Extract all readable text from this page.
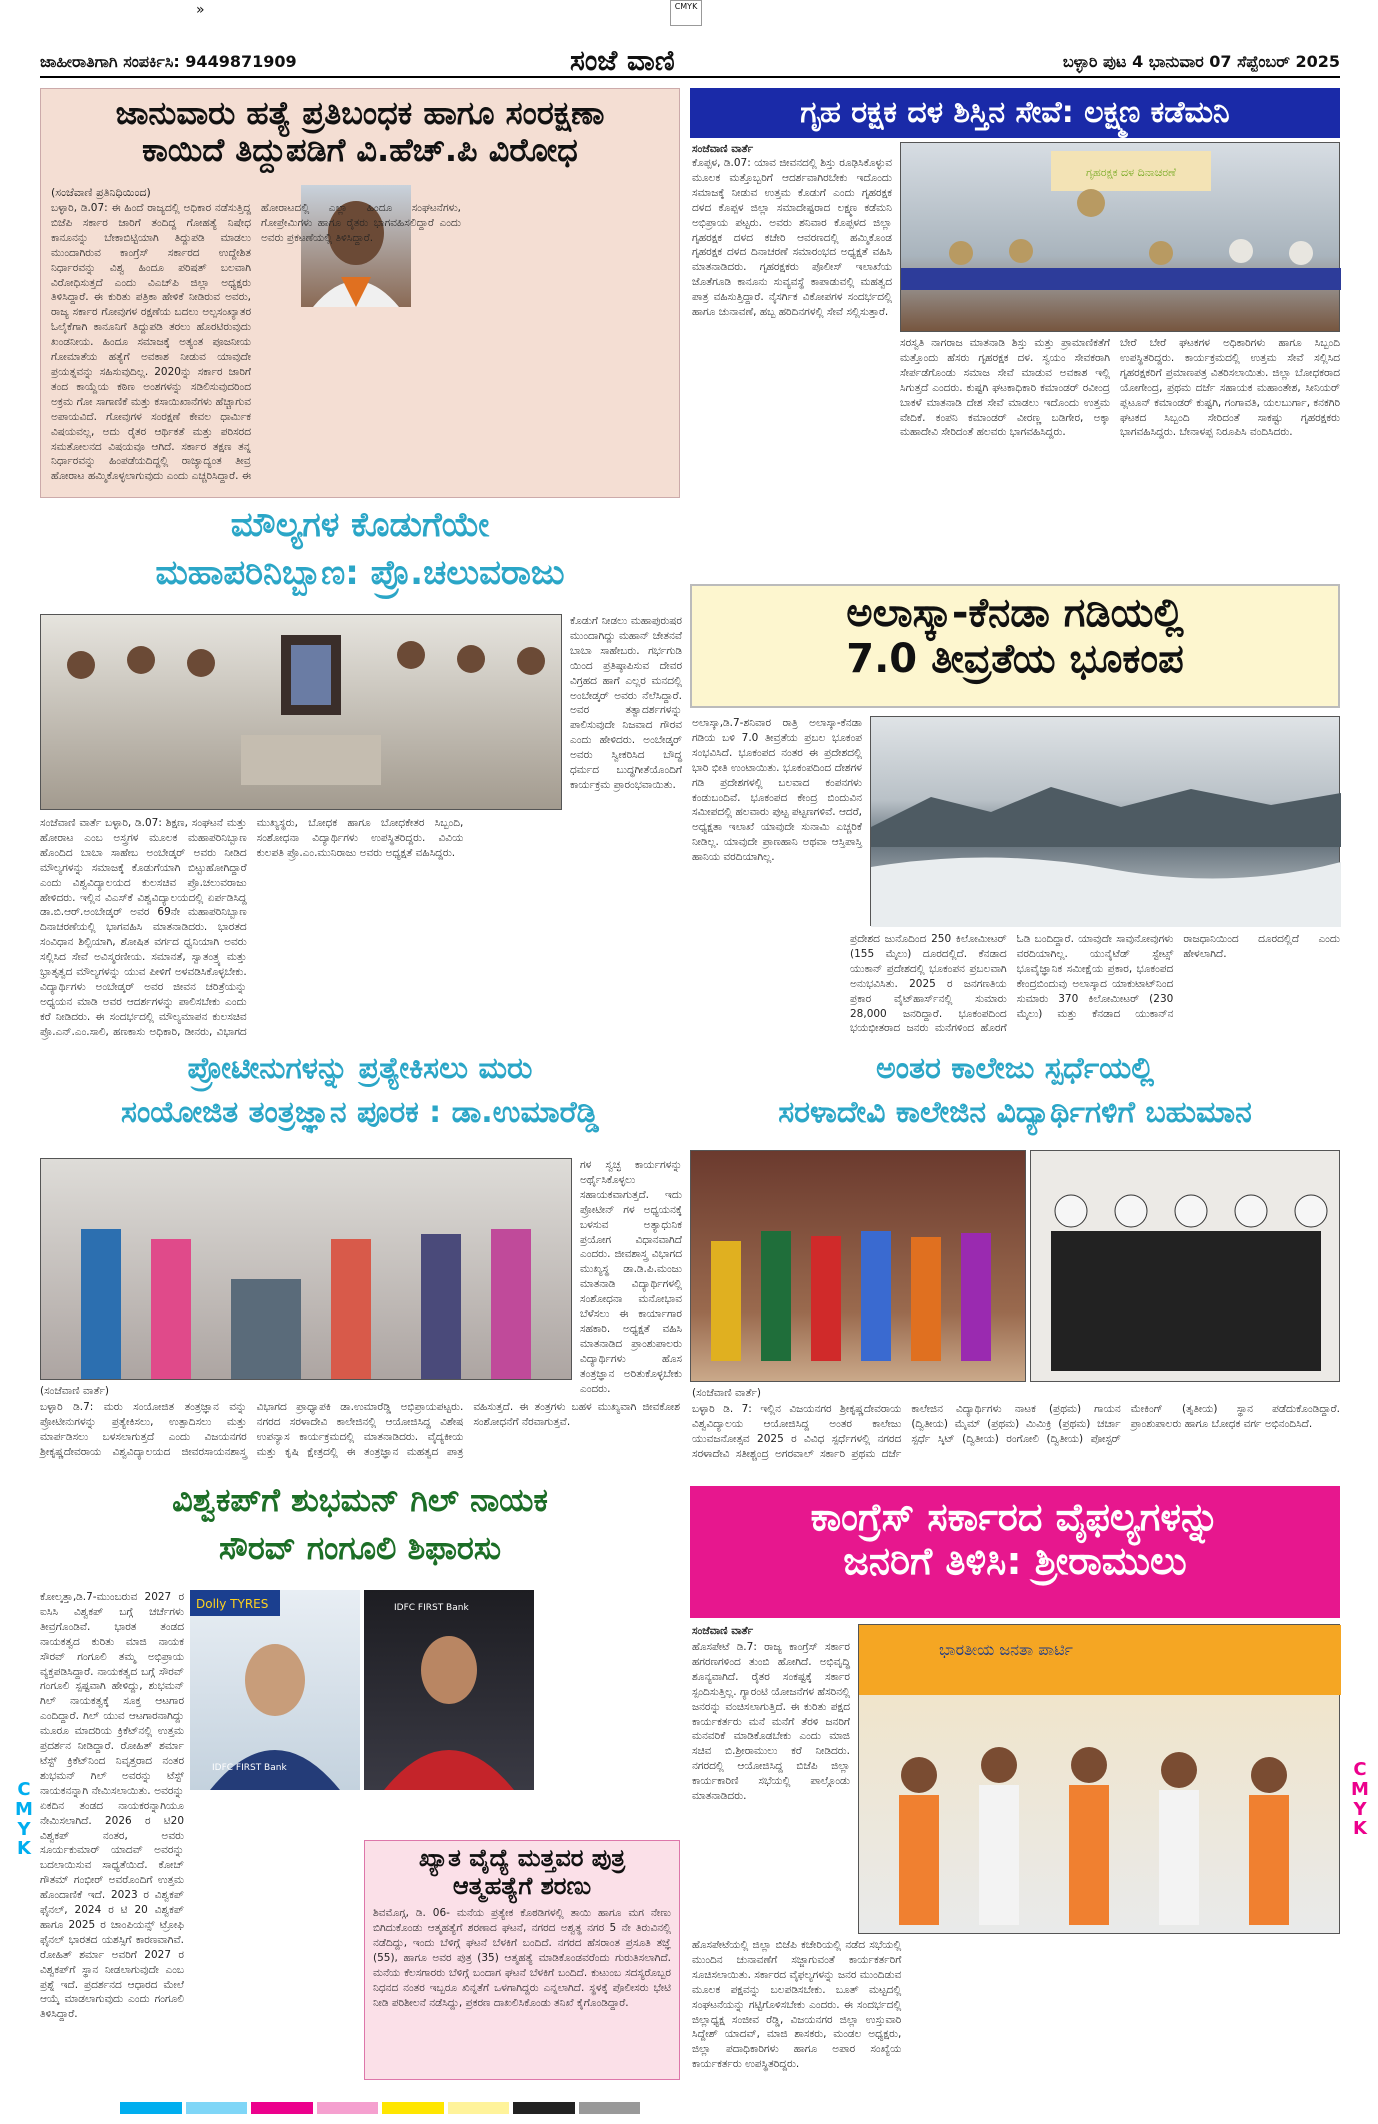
»	CMYK
ಜಾಹೀರಾತಿಗಾಗಿ ಸಂಪರ್ಕಿಸಿ: 9449871909	ಸಂಜೆ ವಾಣಿ	ಬಳ್ಳಾರಿ ಪುಟ 4 ಭಾನುವಾರ 07 ಸೆಪ್ಟೆಂಬರ್ 2025
ಜಾನುವಾರು ಹತ್ಯೆ ಪ್ರತಿಬಂಧಕ ಹಾಗೂ ಸಂರಕ್ಷಣಾ
ಕಾಯಿದೆ ತಿದ್ದುಪಡಿಗೆ ವಿ.ಹೆಚ್.ಪಿ ವಿರೋಧ
(ಸಂಜೆವಾಣಿ ಪ್ರತಿನಿಧಿಯಿಂದ)
ಬಳ್ಳಾರಿ, ಡಿ.07: ಈ ಹಿಂದೆ ರಾಜ್ಯದಲ್ಲಿ ಅಧಿಕಾರ ನಡೆಸುತ್ತಿದ್ದ ಬಿಜೆಪಿ ಸರ್ಕಾರ ಜಾರಿಗೆ ತಂದಿದ್ದ ಗೋಹತ್ಯೆ ನಿಷೇಧ ಕಾನೂನನ್ನು ಬೇಕಾಬಿಟ್ಟಿಯಾಗಿ ತಿದ್ದುಪಡಿ ಮಾಡಲು ಮುಂದಾಗಿರುವ ಕಾಂಗ್ರೆಸ್ ಸರ್ಕಾರದ ಉದ್ದೇಶಿತ ನಿರ್ಧಾರವನ್ನು ವಿಶ್ವ ಹಿಂದೂ ಪರಿಷತ್ ಬಲವಾಗಿ ವಿರೋಧಿಸುತ್ತದೆ ಎಂದು ವಿಎಚ್‌ಪಿ ಜಿಲ್ಲಾ ಅಧ್ಯಕ್ಷರು ತಿಳಿಸಿದ್ದಾರೆ. ಈ ಕುರಿತು ಪತ್ರಿಕಾ ಹೇಳಿಕೆ ನೀಡಿರುವ ಅವರು, ರಾಜ್ಯ ಸರ್ಕಾರ ಗೋವುಗಳ ರಕ್ಷಣೆಯ ಬದಲು ಅಲ್ಪಸಂಖ್ಯಾತರ ಓಲೈಕೆಗಾಗಿ ಕಾನೂನಿಗೆ ತಿದ್ದುಪಡಿ ತರಲು ಹೊರಟಿರುವುದು ಖಂಡನೀಯ. ಹಿಂದೂ ಸಮಾಜಕ್ಕೆ ಅತ್ಯಂತ ಪೂಜನೀಯ ಗೋಮಾತೆಯ ಹತ್ಯೆಗೆ ಅವಕಾಶ ನೀಡುವ ಯಾವುದೇ ಪ್ರಯತ್ನವನ್ನು ಸಹಿಸುವುದಿಲ್ಲ. 2020ನ್ನು ಸರ್ಕಾರ ಜಾರಿಗೆ ತಂದ ಕಾಯ್ದೆಯ ಕಠಿಣ ಅಂಶಗಳನ್ನು ಸಡಿಲಿಸುವುದರಿಂದ ಅಕ್ರಮ ಗೋ ಸಾಗಾಣಿಕೆ ಮತ್ತು ಕಸಾಯಿಖಾನೆಗಳು ಹೆಚ್ಚಾಗುವ ಅಪಾಯವಿದೆ. ಗೋವುಗಳ ಸಂರಕ್ಷಣೆ ಕೇವಲ ಧಾರ್ಮಿಕ ವಿಷಯವಲ್ಲ, ಅದು ರೈತರ ಆರ್ಥಿಕತೆ ಮತ್ತು ಪರಿಸರದ ಸಮತೋಲನದ ವಿಷಯವೂ ಆಗಿದೆ. ಸರ್ಕಾರ ತಕ್ಷಣ ತನ್ನ ನಿರ್ಧಾರವನ್ನು ಹಿಂಪಡೆಯದಿದ್ದಲ್ಲಿ ರಾಜ್ಯಾದ್ಯಂತ ತೀವ್ರ ಹೋರಾಟ ಹಮ್ಮಿಕೊಳ್ಳಲಾಗುವುದು ಎಂದು ಎಚ್ಚರಿಸಿದ್ದಾರೆ. ಈ ಹೋರಾಟದಲ್ಲಿ ಎಲ್ಲಾ ಹಿಂದೂ ಸಂಘಟನೆಗಳು, ಗೋಪ್ರೇಮಿಗಳು ಹಾಗೂ ರೈತರು ಭಾಗವಹಿಸಲಿದ್ದಾರೆ ಎಂದು ಅವರು ಪ್ರಕಟಣೆಯಲ್ಲಿ ತಿಳಿಸಿದ್ದಾರೆ.
ಗೃಹ ರಕ್ಷಕ ದಳ ಶಿಸ್ತಿನ ಸೇವೆ: ಲಕ್ಷ್ಮಣ ಕಡೆಮನಿ
ಸಂಜೆವಾಣಿ ವಾರ್ತೆ
ಕೊಪ್ಪಳ, ಡಿ.07: ಯಾವ ಜೀವನದಲ್ಲಿ ಶಿಸ್ತು ರೂಢಿಸಿಕೊಳ್ಳುವ ಮೂಲಕ ಮತ್ತೊಬ್ಬರಿಗೆ ಆದರ್ಶವಾಗಿರಬೇಕು ಇದೊಂದು ಸಮಾಜಕ್ಕೆ ನೀಡುವ ಉತ್ತಮ ಕೊಡುಗೆ ಎಂದು ಗೃಹರಕ್ಷಕ ದಳದ ಕೊಪ್ಪಳ ಜಿಲ್ಲಾ ಸಮಾದೇಷ್ಟರಾದ ಲಕ್ಷ್ಮಣ ಕಡೆಮನಿ ಅಭಿಪ್ರಾಯ ಪಟ್ಟರು. ಅವರು ಶನಿವಾರ ಕೊಪ್ಪಳದ ಜಿಲ್ಲಾ ಗೃಹರಕ್ಷಕ ದಳದ ಕಚೇರಿ ಆವರಣದಲ್ಲಿ ಹಮ್ಮಿಕೊಂಡ ಗೃಹರಕ್ಷಕ ದಳದ ದಿನಾಚರಣೆ ಸಮಾರಂಭದ ಅಧ್ಯಕ್ಷತೆ ವಹಿಸಿ ಮಾತನಾಡಿದರು. ಗೃಹರಕ್ಷಕರು ಪೊಲೀಸ್ ಇಲಾಖೆಯ ಜೊತೆಗೂಡಿ ಕಾನೂನು ಸುವ್ಯವಸ್ಥೆ ಕಾಪಾಡುವಲ್ಲಿ ಮಹತ್ವದ ಪಾತ್ರ ವಹಿಸುತ್ತಿದ್ದಾರೆ. ನೈಸರ್ಗಿಕ ವಿಕೋಪಗಳ ಸಂದರ್ಭದಲ್ಲಿ ಹಾಗೂ ಚುನಾವಣೆ, ಹಬ್ಬ ಹರಿದಿನಗಳಲ್ಲಿ ಸೇವೆ ಸಲ್ಲಿಸುತ್ತಾರೆ.
ಗೃಹರಕ್ಷಕ ದಳ ದಿನಾಚರಣೆ
ಸರಸ್ವತಿ ನಾಗರಾಜ ಮಾತನಾಡಿ ಶಿಸ್ತು ಮತ್ತು ಪ್ರಾಮಾಣಿಕತೆಗೆ ಮತ್ತೊಂದು ಹೆಸರು ಗೃಹರಕ್ಷಕ ದಳ. ಸ್ವಯಂ ಸೇವಕರಾಗಿ ಸೇರ್ಪಡೆಗೊಂಡು ಸಮಾಜ ಸೇವೆ ಮಾಡುವ ಅವಕಾಶ ಇಲ್ಲಿ ಸಿಗುತ್ತದೆ ಎಂದರು. ಕುಷ್ಟಗಿ ಘಟಕಾಧಿಕಾರಿ ಕಮಾಂಡರ್ ರವೀಂದ್ರ ಬಾಕಳೆ ಮಾತನಾಡಿ ದೇಶ ಸೇವೆ ಮಾಡಲು ಇದೊಂದು ಉತ್ತಮ ವೇದಿಕೆ. ಕಂಪನಿ ಕಮಾಂಡರ್ ವೀರಣ್ಣ ಬಡಿಗೇರ, ಅಕ್ಕಾ ಮಹಾದೇವಿ ಸೇರಿದಂತೆ ಹಲವರು ಭಾಗವಹಿಸಿದ್ದರು.
ಬೇರೆ ಬೇರೆ ಘಟಕಗಳ ಅಧಿಕಾರಿಗಳು ಹಾಗೂ ಸಿಬ್ಬಂದಿ ಉಪಸ್ಥಿತರಿದ್ದರು. ಕಾರ್ಯಕ್ರಮದಲ್ಲಿ ಉತ್ತಮ ಸೇವೆ ಸಲ್ಲಿಸಿದ ಗೃಹರಕ್ಷಕರಿಗೆ ಪ್ರಮಾಣಪತ್ರ ವಿತರಿಸಲಾಯಿತು. ಜಿಲ್ಲಾ ಬೋಧಕರಾದ ಯೋಗೇಂದ್ರ, ಪ್ರಥಮ ದರ್ಜೆ ಸಹಾಯಕ ಮಹಾಂತೇಶ, ಸೀನಿಯರ್ ಪ್ಲಟೂನ್ ಕಮಾಂಡರ್ ಕುಷ್ಟಗಿ, ಗಂಗಾವತಿ, ಯಲಬುರ್ಗಾ, ಕನಕಗಿರಿ ಘಟಕದ ಸಿಬ್ಬಂದಿ ಸೇರಿದಂತೆ ಸಾಕಷ್ಟು ಗೃಹರಕ್ಷಕರು ಭಾಗವಹಿಸಿದ್ದರು. ಬೇನಾಳಪ್ಪ ನಿರೂಪಿಸಿ ವಂದಿಸಿದರು.
ಮೌಲ್ಯಗಳ ಕೊಡುಗೆಯೇ
ಮಹಾಪರಿನಿಬ್ಬಾಣ: ಪ್ರೊ.ಚಲುವರಾಜು
ಕೊಡುಗೆ ನೀಡಲು ಮಹಾಪುರುಷರ ಮುಂದಾಗಿದ್ದು ಮಹಾನ್ ಚೇತನವೆ ಬಾಬಾ ಸಾಹೇಬರು. ಗರ್ಭಗುಡಿ ಯಿಂದ ಪ್ರತಿಷ್ಠಾಪಿಸುವ ದೇವರ ವಿಗ್ರಹದ ಹಾಗೆ ಎಲ್ಲರ ಮನದಲ್ಲಿ ಅಂಬೇಡ್ಕರ್ ಅವರು ನೆಲೆಸಿದ್ದಾರೆ. ಅವರ ತತ್ವಾದರ್ಶಗಳನ್ನು ಪಾಲಿಸುವುದೇ ನಿಜವಾದ ಗೌರವ ಎಂದು ಹೇಳಿದರು. ಅಂಬೇಡ್ಕರ್ ಅವರು ಸ್ವೀಕರಿಸಿದ ಬೌದ್ಧ ಧರ್ಮದ ಬುದ್ಧಗೀತೆಯೊಂದಿಗೆ ಕಾರ್ಯಕ್ರಮ ಪ್ರಾರಂಭವಾಯಿತು.
ಸಂಜೆವಾಣಿ ವಾರ್ತೆ ಬಳ್ಳಾರಿ, ಡಿ.07: ಶಿಕ್ಷಣ, ಸಂಘಟನೆ ಮತ್ತು ಹೋರಾಟ ಎಂಬ ಅಸ್ತ್ರಗಳ ಮೂಲಕ ಮಹಾಪರಿನಿಬ್ಬಾಣ ಹೊಂದಿದ ಬಾಬಾ ಸಾಹೇಬ ಅಂಬೇಡ್ಕರ್ ಅವರು ನೀಡಿದ ಮೌಲ್ಯಗಳನ್ನು ಸಮಾಜಕ್ಕೆ ಕೊಡುಗೆಯಾಗಿ ಬಿಟ್ಟುಹೋಗಿದ್ದಾರೆ ಎಂದು ವಿಶ್ವವಿದ್ಯಾಲಯದ ಕುಲಸಚಿವ ಪ್ರೊ.ಚಲುವರಾಜು ಹೇಳಿದರು. ಇಲ್ಲಿನ ವಿಎಸ್‌ಕೆ ವಿಶ್ವವಿದ್ಯಾಲಯದಲ್ಲಿ ಏರ್ಪಡಿಸಿದ್ದ ಡಾ.ಬಿ.ಆರ್.ಅಂಬೇಡ್ಕರ್ ಅವರ 69ನೇ ಮಹಾಪರಿನಿಬ್ಬಾಣ ದಿನಾಚರಣೆಯಲ್ಲಿ ಭಾಗವಹಿಸಿ ಮಾತನಾಡಿದರು. ಭಾರತದ ಸಂವಿಧಾನ ಶಿಲ್ಪಿಯಾಗಿ, ಶೋಷಿತ ವರ್ಗದ ಧ್ವನಿಯಾಗಿ ಅವರು ಸಲ್ಲಿಸಿದ ಸೇವೆ ಅವಿಸ್ಮರಣೀಯ. ಸಮಾನತೆ, ಸ್ವಾತಂತ್ರ್ಯ ಮತ್ತು ಭ್ರಾತೃತ್ವದ ಮೌಲ್ಯಗಳನ್ನು ಯುವ ಪೀಳಿಗೆ ಅಳವಡಿಸಿಕೊಳ್ಳಬೇಕು. ವಿದ್ಯಾರ್ಥಿಗಳು ಅಂಬೇಡ್ಕರ್ ಅವರ ಜೀವನ ಚರಿತ್ರೆಯನ್ನು ಅಧ್ಯಯನ ಮಾಡಿ ಅವರ ಆದರ್ಶಗಳನ್ನು ಪಾಲಿಸಬೇಕು ಎಂದು ಕರೆ ನೀಡಿದರು. ಈ ಸಂದರ್ಭದಲ್ಲಿ ಮೌಲ್ಯಮಾಪನ ಕುಲಸಚಿವ ಪ್ರೊ.ಎನ್.ಎಂ.ಸಾಲಿ, ಹಣಕಾಸು ಅಧಿಕಾರಿ, ಡೀನರು, ವಿಭಾಗದ ಮುಖ್ಯಸ್ಥರು, ಬೋಧಕ ಹಾಗೂ ಬೋಧಕೇತರ ಸಿಬ್ಬಂದಿ, ಸಂಶೋಧನಾ ವಿದ್ಯಾರ್ಥಿಗಳು ಉಪಸ್ಥಿತರಿದ್ದರು. ವಿವಿಯ ಕುಲಪತಿ ಪ್ರೊ.ಎಂ.ಮುನಿರಾಜು ಅವರು ಅಧ್ಯಕ್ಷತೆ ವಹಿಸಿದ್ದರು.
ಅಲಾಸ್ಕಾ-ಕೆನಡಾ ಗಡಿಯಲ್ಲಿ
7.0 ತೀವ್ರತೆಯ ಭೂಕಂಪ
ಅಲಾಸ್ಕಾ,ಡಿ.7-ಶನಿವಾರ ರಾತ್ರಿ ಅಲಾಸ್ಕಾ-ಕೆನಡಾ ಗಡಿಯ ಬಳಿ 7.0 ತೀವ್ರತೆಯ ಪ್ರಬಲ ಭೂಕಂಪ ಸಂಭವಿಸಿದೆ. ಭೂಕಂಪದ ನಂತರ ಈ ಪ್ರದೇಶದಲ್ಲಿ ಭಾರಿ ಭೀತಿ ಉಂಟಾಯಿತು. ಭೂಕಂಪದಿಂದ ದೇಶಗಳ ಗಡಿ ಪ್ರದೇಶಗಳಲ್ಲಿ ಬಲವಾದ ಕಂಪನಗಳು ಕಂಡುಬಂದಿವೆ. ಭೂಕಂಪದ ಕೇಂದ್ರ ಬಿಂದುವಿನ ಸಮೀಪದಲ್ಲಿ ಹಲವಾರು ಪುಟ್ಟ ಪಟ್ಟಣಗಳಿವೆ. ಆದರೆ, ಅಧ್ಯಕ್ಷತಾ ಇಲಾಖೆ ಯಾವುದೇ ಸುನಾಮಿ ಎಚ್ಚರಿಕೆ ನೀಡಿಲ್ಲ. ಯಾವುದೇ ಪ್ರಾಣಹಾನಿ ಅಥವಾ ಆಸ್ತಿಪಾಸ್ತಿ ಹಾನಿಯ ವರದಿಯಾಗಿಲ್ಲ.
ಪ್ರದೇಶದ ಜುನೊದಿಂದ 250 ಕಿಲೋಮೀಟರ್ (155 ಮೈಲು) ದೂರದಲ್ಲಿದೆ. ಕೆನಡಾದ ಯುಕಾನ್ ಪ್ರದೇಶದಲ್ಲಿ ಭೂಕಂಪನ ಪ್ರಬಲವಾಗಿ ಅನುಭವಿಸಿತು. 2025 ರ ಜನಗಣತಿಯ ಪ್ರಕಾರ ವೈಟ್‌ಹಾರ್ಸ್‌ನಲ್ಲಿ ಸುಮಾರು 28,000 ಜನರಿದ್ದಾರೆ. ಭೂಕಂಪದಿಂದ ಭಯಭೀತರಾದ ಜನರು ಮನೆಗಳಿಂದ ಹೊರಗೆ ಓಡಿ ಬಂದಿದ್ದಾರೆ. ಯಾವುದೇ ಸಾವುನೋವುಗಳು ವರದಿಯಾಗಿಲ್ಲ. ಯುನೈಟೆಡ್ ಸ್ಟೇಟ್ಸ್ ಭೂವೈಜ್ಞಾನಿಕ ಸಮೀಕ್ಷೆಯ ಪ್ರಕಾರ, ಭೂಕಂಪದ ಕೇಂದ್ರಬಿಂದುವು ಅಲಾಸ್ಕಾದ ಯಾಕುಟಾಟ್‌ನಿಂದ ಸುಮಾರು 370 ಕಿಲೋಮೀಟರ್ (230 ಮೈಲು) ಮತ್ತು ಕೆನಡಾದ ಯುಕಾನ್‌ನ ರಾಜಧಾನಿಯಿಂದ ದೂರದಲ್ಲಿದೆ ಎಂದು ಹೇಳಲಾಗಿದೆ.
ಪ್ರೋಟೀನುಗಳನ್ನು ಪ್ರತ್ಯೇಕಿಸಲು ಮರು
ಸಂಯೋಜಿತ ತಂತ್ರಜ್ಞಾನ ಪೂರಕ : ಡಾ.ಉಮಾರೆಡ್ಡಿ
ಗಳ ಸ್ವಚ್ಛ ಕಾರ್ಯಗಳನ್ನು ಅರ್ಥೈಸಿಕೊಳ್ಳಲು ಸಹಾಯಕವಾಗುತ್ತದೆ. ಇದು ಪ್ರೋಟೀನ್ ಗಳ ಅಧ್ಯಯನಕ್ಕೆ ಬಳಸುವ ಅತ್ಯಾಧುನಿಕ ಪ್ರಯೋಗ ವಿಧಾನವಾಗಿದೆ ಎಂದರು. ಜೀವಶಾಸ್ತ್ರ ವಿಭಾಗದ ಮುಖ್ಯಸ್ಥ ಡಾ.ಡಿ.ಪಿ.ಮಂಜು ಮಾತನಾಡಿ ವಿದ್ಯಾರ್ಥಿಗಳಲ್ಲಿ ಸಂಶೋಧನಾ ಮನೋಭಾವ ಬೆಳೆಸಲು ಈ ಕಾರ್ಯಾಗಾರ ಸಹಕಾರಿ. ಅಧ್ಯಕ್ಷತೆ ವಹಿಸಿ ಮಾತನಾಡಿದ ಪ್ರಾಂಶುಪಾಲರು ವಿದ್ಯಾರ್ಥಿಗಳು ಹೊಸ ತಂತ್ರಜ್ಞಾನ ಅರಿತುಕೊಳ್ಳಬೇಕು ಎಂದರು.
(ಸಂಜೆವಾಣಿ ವಾರ್ತೆ)
ಬಳ್ಳಾರಿ ಡಿ.7: ಮರು ಸಂಯೋಜಿತ ತಂತ್ರಜ್ಞಾನ ವನ್ನು ಪ್ರೋಟೀನುಗಳನ್ನು ಪ್ರತ್ಯೇಕಿಸಲು, ಉತ್ಪಾದಿಸಲು ಮತ್ತು ಮಾರ್ಪಡಿಸಲು ಬಳಸಲಾಗುತ್ತದೆ ಎಂದು ವಿಜಯನಗರ ಶ್ರೀಕೃಷ್ಣದೇವರಾಯ ವಿಶ್ವವಿದ್ಯಾಲಯದ ಜೀವರಸಾಯನಶಾಸ್ತ್ರ ವಿಭಾಗದ ಪ್ರಾಧ್ಯಾಪಕಿ ಡಾ.ಉಮಾರೆಡ್ಡಿ ಅಭಿಪ್ರಾಯಪಟ್ಟರು. ನಗರದ ಸರಳಾದೇವಿ ಕಾಲೇಜಿನಲ್ಲಿ ಆಯೋಜಿಸಿದ್ದ ವಿಶೇಷ ಉಪನ್ಯಾಸ ಕಾರ್ಯಕ್ರಮದಲ್ಲಿ ಮಾತನಾಡಿದರು. ವೈದ್ಯಕೀಯ ಮತ್ತು ಕೃಷಿ ಕ್ಷೇತ್ರದಲ್ಲಿ ಈ ತಂತ್ರಜ್ಞಾನ ಮಹತ್ವದ ಪಾತ್ರ ವಹಿಸುತ್ತದೆ. ಈ ತಂತ್ರಗಳು ಬಹಳ ಮುಖ್ಯವಾಗಿ ಜೀವಕೋಶ ಸಂಶೋಧನೆಗೆ ನೆರವಾಗುತ್ತವೆ.
ಅಂತರ ಕಾಲೇಜು ಸ್ಪರ್ಧೆಯಲ್ಲಿ
ಸರಳಾದೇವಿ ಕಾಲೇಜಿನ ವಿದ್ಯಾರ್ಥಿಗಳಿಗೆ ಬಹುಮಾನ
(ಸಂಜೆವಾಣಿ ವಾರ್ತೆ)
ಬಳ್ಳಾರಿ ಡಿ. 7: ಇಲ್ಲಿನ ವಿಜಯನಗರ ಶ್ರೀಕೃಷ್ಣದೇವರಾಯ ವಿಶ್ವವಿದ್ಯಾಲಯ ಆಯೋಜಿಸಿದ್ದ ಅಂತರ ಕಾಲೇಜು ಯುವಜನೋತ್ಸವ 2025 ರ ವಿವಿಧ ಸ್ಪರ್ಧೆಗಳಲ್ಲಿ ನಗರದ ಸರಳಾದೇವಿ ಸತೀಶ್ಚಂದ್ರ ಅಗರವಾಲ್ ಸರ್ಕಾರಿ ಪ್ರಥಮ ದರ್ಜೆ ಕಾಲೇಜಿನ ವಿದ್ಯಾರ್ಥಿಗಳು ನಾಟಕ (ಪ್ರಥಮ) ಗಾಯನ (ದ್ವಿತೀಯ) ಮೈಮ್ (ಪ್ರಥಮ) ಮಿಮಿಕ್ರಿ (ಪ್ರಥಮ) ಚರ್ಚಾ ಸ್ಪರ್ಧೆ ಸ್ಕಿಟ್ (ದ್ವಿತೀಯ) ರಂಗೋಲಿ (ದ್ವಿತೀಯ) ಪೋಸ್ಟರ್ ಮೇಕಿಂಗ್ (ತೃತೀಯ) ಸ್ಥಾನ ಪಡೆದುಕೊಂಡಿದ್ದಾರೆ. ಪ್ರಾಂಶುಪಾಲರು ಹಾಗೂ ಬೋಧಕ ವರ್ಗ ಅಭಿನಂದಿಸಿದೆ.
ವಿಶ್ವಕಪ್‌ಗೆ ಶುಭಮನ್ ಗಿಲ್ ನಾಯಕ
ಸೌರವ್ ಗಂಗೂಲಿ ಶಿಫಾರಸು
Dolly TYRES
IDFC FIRST Bank
IDFC FIRST Bank
ಕೋಲ್ಕತ್ತಾ,ಡಿ.7-ಮುಂಬರುವ 2027 ರ ಐಸಿಸಿ ವಿಶ್ವಕಪ್ ಬಗ್ಗೆ ಚರ್ಚೆಗಳು ತೀವ್ರಗೊಂಡಿವೆ. ಭಾರತ ತಂಡದ ನಾಯಕತ್ವದ ಕುರಿತು ಮಾಜಿ ನಾಯಕ ಸೌರವ್ ಗಂಗೂಲಿ ತಮ್ಮ ಅಭಿಪ್ರಾಯ ವ್ಯಕ್ತಪಡಿಸಿದ್ದಾರೆ. ನಾಯಕತ್ವದ ಬಗ್ಗೆ ಸೌರವ್ ಗಂಗೂಲಿ ಸ್ಪಷ್ಟವಾಗಿ ಹೇಳಿದ್ದು, ಶುಭಮನ್ ಗಿಲ್ ನಾಯಕತ್ವಕ್ಕೆ ಸೂಕ್ತ ಆಟಗಾರ ಎಂದಿದ್ದಾರೆ. ಗಿಲ್ ಯುವ ಆಟಗಾರನಾಗಿದ್ದು ಮೂರೂ ಮಾದರಿಯ ಕ್ರಿಕೆಟ್‌ನಲ್ಲಿ ಉತ್ತಮ ಪ್ರದರ್ಶನ ನೀಡಿದ್ದಾರೆ. ರೋಹಿತ್ ಶರ್ಮಾ ಟೆಸ್ಟ್ ಕ್ರಿಕೆಟ್‌ನಿಂದ ನಿವೃತ್ತರಾದ ನಂತರ ಶುಭಮನ್ ಗಿಲ್ ಅವರನ್ನು ಟೆಸ್ಟ್ ನಾಯಕನನ್ನಾಗಿ ನೇಮಿಸಲಾಯಿತು. ಅವರನ್ನು ಏಕದಿನ ತಂಡದ ನಾಯಕರನ್ನಾಗಿಯೂ ನೇಮಿಸಲಾಗಿದೆ. 2026 ರ ಟಿ20 ವಿಶ್ವಕಪ್ ನಂತರ, ಅವರು ಸೂರ್ಯಕುಮಾರ್ ಯಾದವ್ ಅವರನ್ನು ಬದಲಾಯಿಸುವ ಸಾಧ್ಯತೆಯಿದೆ. ಕೋಚ್ ಗೌತಮ್ ಗಂಭೀರ್ ಅವರೊಂದಿಗೆ ಉತ್ತಮ ಹೊಂದಾಣಿಕೆ ಇದೆ. 2023 ರ ವಿಶ್ವಕಪ್ ಫೈನಲ್, 2024 ರ ಟಿ 20 ವಿಶ್ವಕಪ್ ಹಾಗೂ 2025 ರ ಚಾಂಪಿಯನ್ಸ್ ಟ್ರೋಫಿ ಫೈನಲ್ ಭಾರತದ ಯಶಸ್ಸಿಗೆ ಕಾರಣವಾಗಿವೆ. ರೋಹಿತ್ ಶರ್ಮಾ ಅವರಿಗೆ 2027 ರ ವಿಶ್ವಕಪ್‌ಗೆ ಸ್ಥಾನ ನೀಡಲಾಗುವುದೇ ಎಂಬ ಪ್ರಶ್ನೆ ಇದೆ. ಪ್ರದರ್ಶನದ ಆಧಾರದ ಮೇಲೆ ಆಯ್ಕೆ ಮಾಡಲಾಗುವುದು ಎಂದು ಗಂಗೂಲಿ ತಿಳಿಸಿದ್ದಾರೆ.
ಖ್ಯಾತ ವೈದ್ಯೆ ಮತ್ತವರ ಪುತ್ರ
ಆತ್ಮಹತ್ಯೆಗೆ ಶರಣು
ಶಿವಮೊಗ್ಗ, ಡಿ. 06- ಮನೆಯ ಪ್ರತ್ಯೇಕ ಕೊಠಡಿಗಳಲ್ಲಿ ತಾಯಿ ಹಾಗೂ ಮಗ ನೇಣು ಬಿಗಿದುಕೊಂಡು ಆತ್ಮಹತ್ಯೆಗೆ ಶರಣಾದ ಘಟನೆ, ನಗರದ ಅಶ್ವತ್ಥ ನಗರ 5 ನೇ ತಿರುವಿನಲ್ಲಿ ನಡೆದಿದ್ದು, ಇಂದು ಬೆಳಿಗ್ಗೆ ಘಟನೆ ಬೆಳಕಿಗೆ ಬಂದಿದೆ. ನಗರದ ಹೆಸರಾಂತ ಪ್ರಸೂತಿ ತಜ್ಞೆ (55), ಹಾಗೂ ಅವರ ಪುತ್ರ (35) ಆತ್ಮಹತ್ಯೆ ಮಾಡಿಕೊಂಡವರೆಂದು ಗುರುತಿಸಲಾಗಿದೆ. ಮನೆಯ ಕೆಲಸಗಾರರು ಬೆಳಿಗ್ಗೆ ಬಂದಾಗ ಘಟನೆ ಬೆಳಕಿಗೆ ಬಂದಿದೆ. ಕುಟುಂಬ ಸದಸ್ಯರೊಬ್ಬರ ನಿಧನದ ನಂತರ ಇಬ್ಬರೂ ಖಿನ್ನತೆಗೆ ಒಳಗಾಗಿದ್ದರು ಎನ್ನಲಾಗಿದೆ. ಸ್ಥಳಕ್ಕೆ ಪೊಲೀಸರು ಭೇಟಿ ನೀಡಿ ಪರಿಶೀಲನೆ ನಡೆಸಿದ್ದು, ಪ್ರಕರಣ ದಾಖಲಿಸಿಕೊಂಡು ತನಿಖೆ ಕೈಗೊಂಡಿದ್ದಾರೆ.
ಕಾಂಗ್ರೆಸ್ ಸರ್ಕಾರದ ವೈಫಲ್ಯಗಳನ್ನು
ಜನರಿಗೆ ತಿಳಿಸಿ: ಶ್ರೀರಾಮುಲು
ಸಂಜೆವಾಣಿ ವಾರ್ತೆ
ಹೊಸಪೇಟೆ ಡಿ.7: ರಾಜ್ಯ ಕಾಂಗ್ರೆಸ್ ಸರ್ಕಾರ ಹಗರಣಗಳಿಂದ ತುಂಬಿ ಹೋಗಿದೆ. ಅಭಿವೃದ್ಧಿ ಶೂನ್ಯವಾಗಿದೆ. ರೈತರ ಸಂಕಷ್ಟಕ್ಕೆ ಸರ್ಕಾರ ಸ್ಪಂದಿಸುತ್ತಿಲ್ಲ. ಗ್ಯಾರಂಟಿ ಯೋಜನೆಗಳ ಹೆಸರಿನಲ್ಲಿ ಜನರನ್ನು ವಂಚಿಸಲಾಗುತ್ತಿದೆ. ಈ ಕುರಿತು ಪಕ್ಷದ ಕಾರ್ಯಕರ್ತರು ಮನೆ ಮನೆಗೆ ತೆರಳಿ ಜನರಿಗೆ ಮನವರಿಕೆ ಮಾಡಿಕೊಡಬೇಕು ಎಂದು ಮಾಜಿ ಸಚಿವ ಬಿ.ಶ್ರೀರಾಮುಲು ಕರೆ ನೀಡಿದರು. ನಗರದಲ್ಲಿ ಆಯೋಜಿಸಿದ್ದ ಬಿಜೆಪಿ ಜಿಲ್ಲಾ ಕಾರ್ಯಕಾರಿಣಿ ಸಭೆಯಲ್ಲಿ ಪಾಲ್ಗೊಂಡು ಮಾತನಾಡಿದರು.
ಭಾರತೀಯ ಜನತಾ ಪಾರ್ಟಿ
ಹೊಸಪೇಟೆಯಲ್ಲಿ ಜಿಲ್ಲಾ ಬಿಜೆಪಿ ಕಚೇರಿಯಲ್ಲಿ ನಡೆದ ಸಭೆಯಲ್ಲಿ ಮುಂದಿನ ಚುನಾವಣೆಗೆ ಸಜ್ಜಾಗುವಂತೆ ಕಾರ್ಯಕರ್ತರಿಗೆ ಸೂಚಿಸಲಾಯಿತು. ಸರ್ಕಾರದ ವೈಫಲ್ಯಗಳನ್ನು ಜನರ ಮುಂದಿಡುವ ಮೂಲಕ ಪಕ್ಷವನ್ನು ಬಲಪಡಿಸಬೇಕು. ಬೂತ್ ಮಟ್ಟದಲ್ಲಿ ಸಂಘಟನೆಯನ್ನು ಗಟ್ಟಿಗೊಳಿಸಬೇಕು ಎಂದರು. ಈ ಸಂದರ್ಭದಲ್ಲಿ ಜಿಲ್ಲಾಧ್ಯಕ್ಷ ಸಂಜೀವ ರೆಡ್ಡಿ, ವಿಜಯನಗರ ಜಿಲ್ಲಾ ಉಸ್ತುವಾರಿ ಸಿದ್ದೇಶ್ ಯಾದವ್, ಮಾಜಿ ಶಾಸಕರು, ಮಂಡಲ ಅಧ್ಯಕ್ಷರು, ಜಿಲ್ಲಾ ಪದಾಧಿಕಾರಿಗಳು ಹಾಗೂ ಅಪಾರ ಸಂಖ್ಯೆಯ ಕಾರ್ಯಕರ್ತರು ಉಪಸ್ಥಿತರಿದ್ದರು.
C M Y K
C M Y K
